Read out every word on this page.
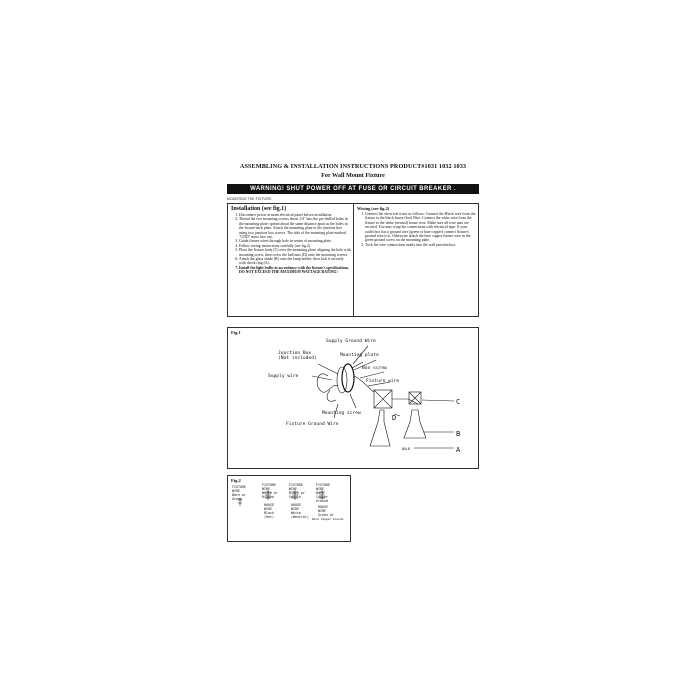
ASSEMBLING & INSTALLATION INSTRUCTIONS PRODUCT#1031 1032 1033
For Wall Mount Fixture
WARNING! SHUT POWER OFF AT FUSE OR CIRCUIT BREAKER .
MOUNTING THE FIXTURE:
Installation (see fig.1)
1. Disconnect power at main electrical panel before installation.
2. Thread the two mounting screws about 1/4" into the pre-drilled holes in the mounting plate; spread about the same distance apart as the holes in the fixture back plate. Attach the mounting plate to the junction box using two junction box screws. The side of the mounting plate marked "GND" must face out.
3. Guide fixture wires through hole in center of mounting plate.
4. Follow wiring instructions carefully (see fig.2).
5. Place the fixture body (C) over the mounting plate, aligning the hole with mounting screw, then screw the ball nuts (D) onto the mounting screws.
6. Attach the glass shade (B) onto the lamp holder, then lock it securely with check ring (A).
7. Install the light bulbs in accordance with the fixture's specifications. DO NOT EXCEED THE MAXIMUM WATTAGE RATING!
Wiring (see fig.2)
1. Connect the electrical wires as follows: Connect the Black wire from the fixture to the black house (hot) Wire. Connect the white wire from the fixture to the white (neutral) house wire. Make sure all wire nuts are secured. You may wrap the connections with electrical tape. If your outlet box has a ground wire (green or bare copper) connect fixture's ground wire to it. Otherwise attach the bare copper fixture wire in the green ground screw on the mounting plate.
2. Tuck the wire connections neatly into the wall junction box.
Fig.1
Supply Ground Wire
Junction Box
(Not included)
Mounting plate
Box screw
Supply wire
Fixture wire
Mounting screw
Fixture Ground Wire
BULB
C
D
B
A
Fig.2
FIXTURE
WIRE
Bare or
Green
FIXTURE
WIRE
White or
Ribbed
HOUSE
WIRE
Black
(Hot)
FIXTURE
WIRE
Black or
Smooth
HOUSE
WIRE
White
(Neutral)
FIXTURE
WIRE
Bare
Copper
Ground
HOUSE
WIRE
Green or
Bare Copper Ground
